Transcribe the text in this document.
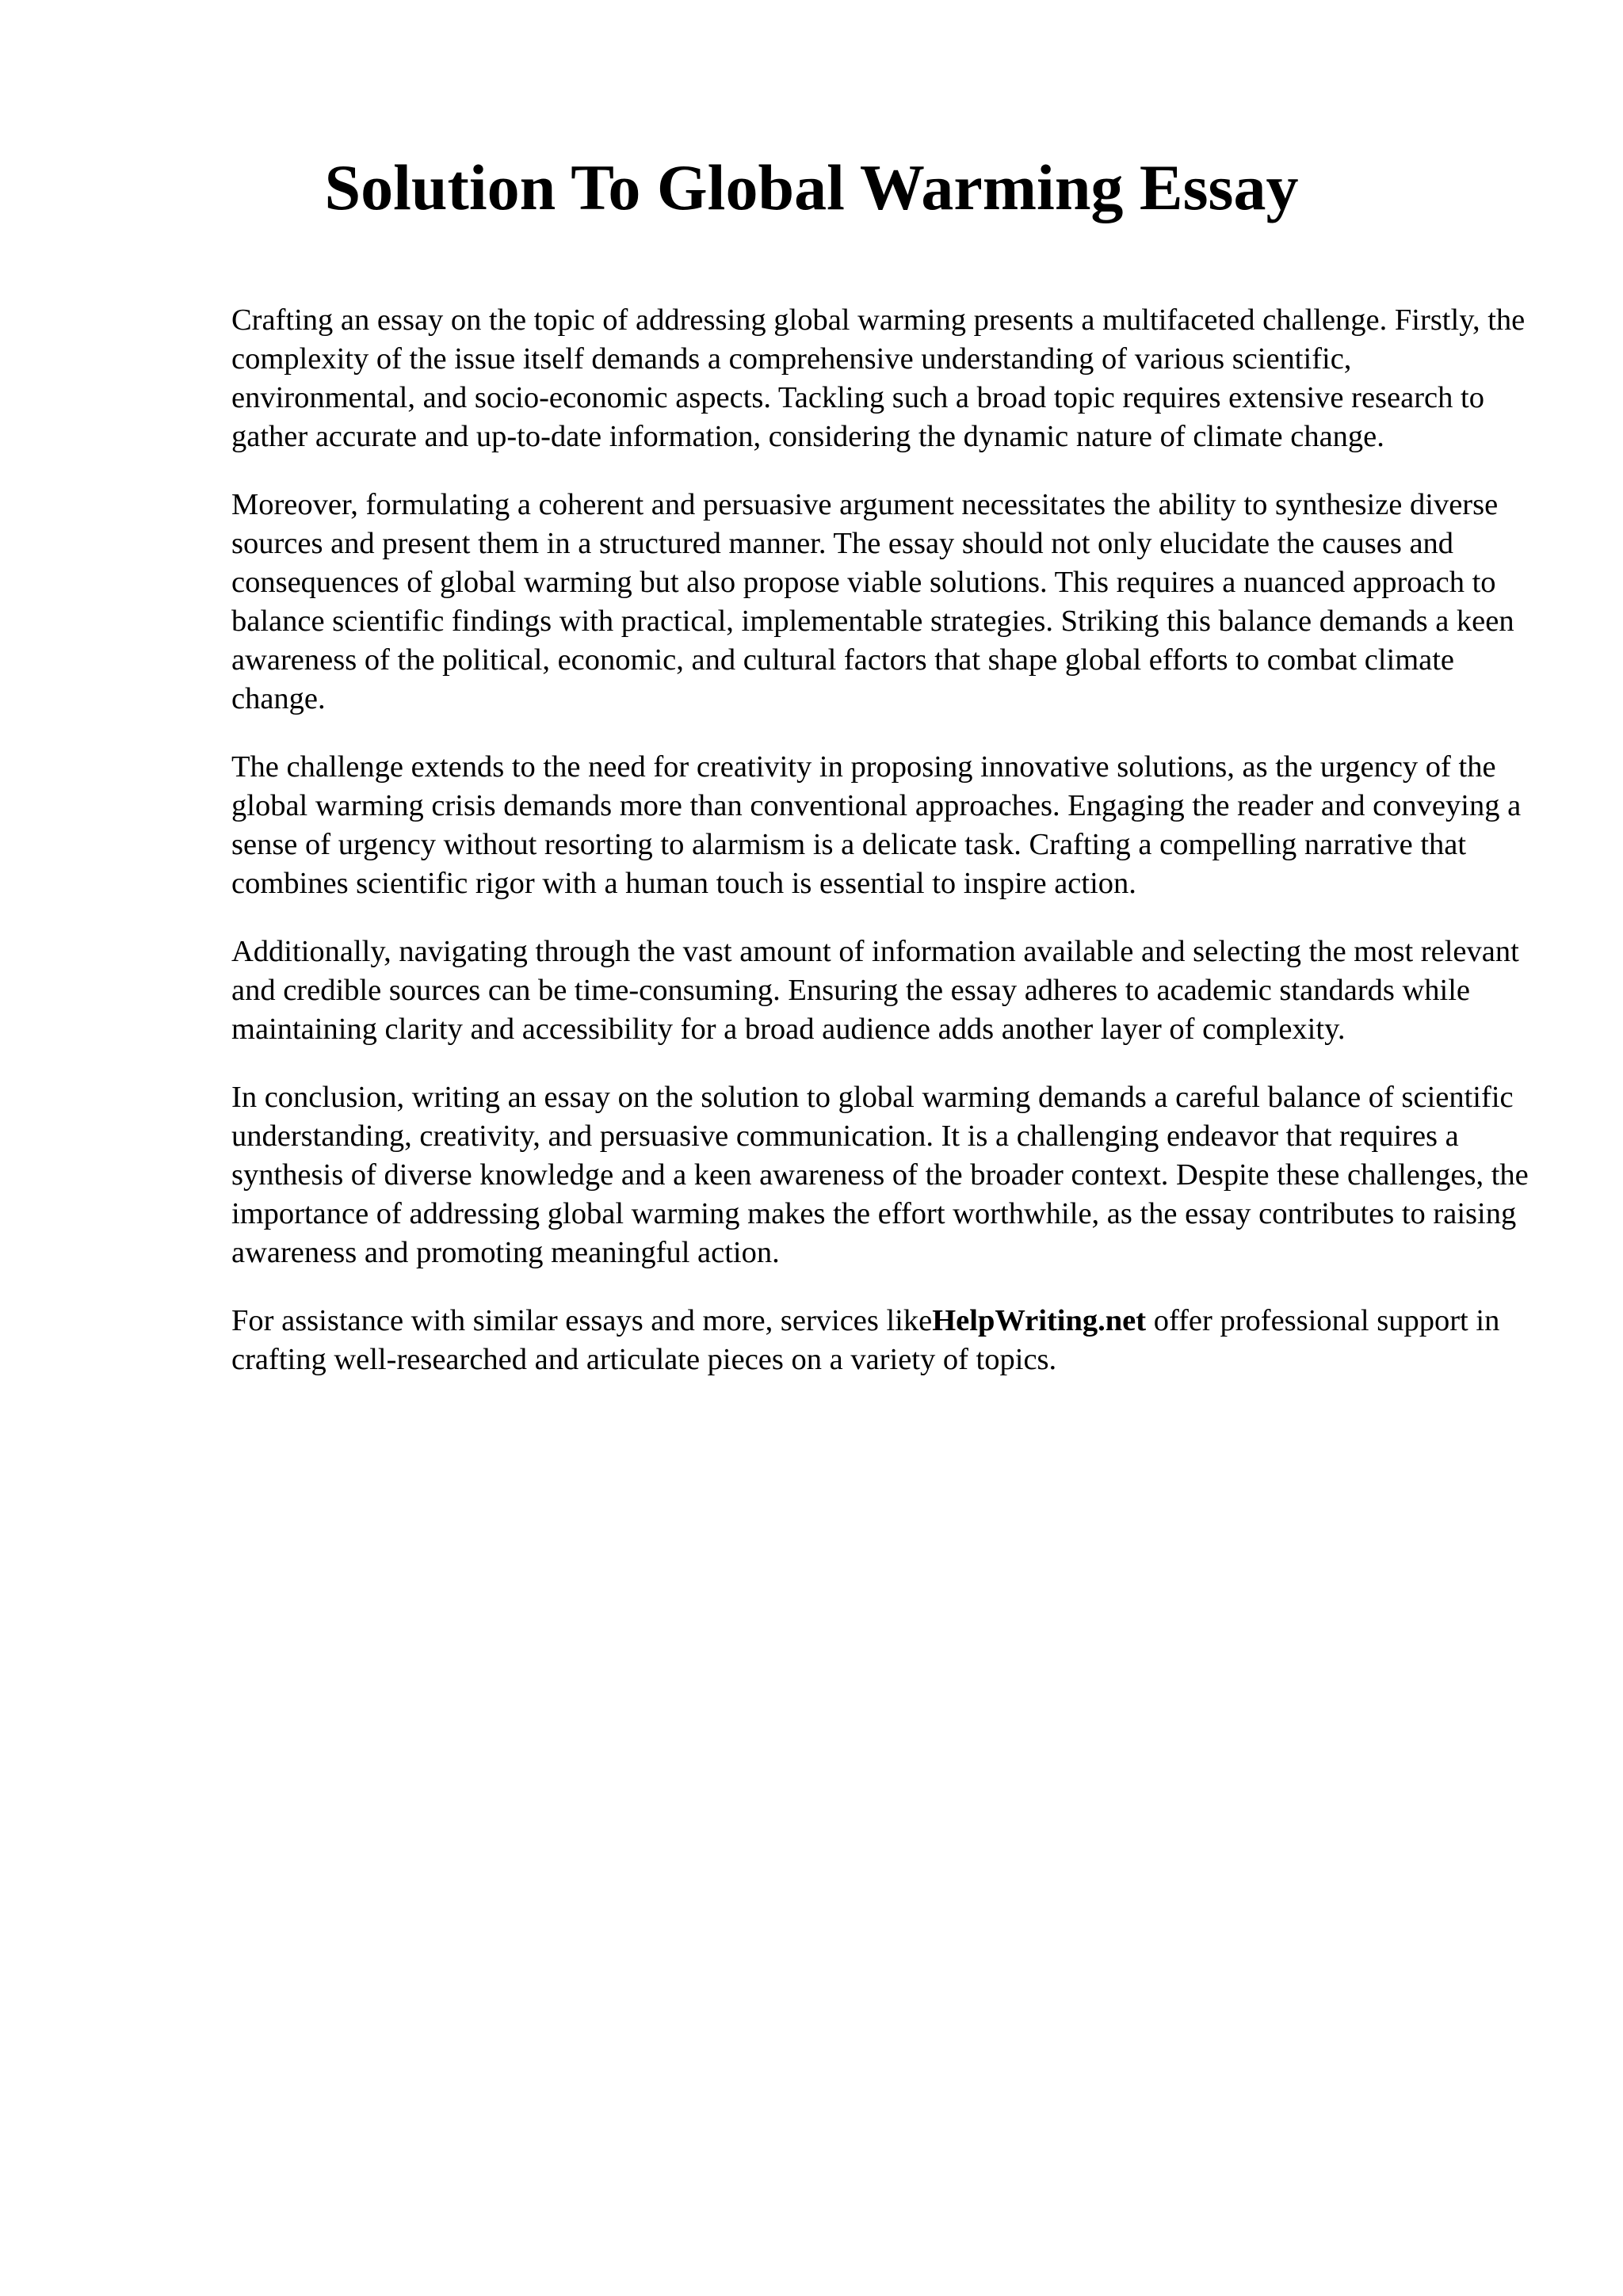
Solution To Global Warming Essay

Crafting an essay on the topic of addressing global warming presents a multifaceted challenge. Firstly, the complexity of the issue itself demands a comprehensive understanding of various scientific, environmental, and socio-economic aspects. Tackling such a broad topic requires extensive research to gather accurate and up-to-date information, considering the dynamic nature of climate change.

Moreover, formulating a coherent and persuasive argument necessitates the ability to synthesize diverse sources and present them in a structured manner. The essay should not only elucidate the causes and consequences of global warming but also propose viable solutions. This requires a nuanced approach to balance scientific findings with practical, implementable strategies. Striking this balance demands a keen awareness of the political, economic, and cultural factors that shape global efforts to combat climate change.

The challenge extends to the need for creativity in proposing innovative solutions, as the urgency of the global warming crisis demands more than conventional approaches. Engaging the reader and conveying a sense of urgency without resorting to alarmism is a delicate task. Crafting a compelling narrative that combines scientific rigor with a human touch is essential to inspire action.

Additionally, navigating through the vast amount of information available and selecting the most relevant and credible sources can be time-consuming. Ensuring the essay adheres to academic standards while maintaining clarity and accessibility for a broad audience adds another layer of complexity.

In conclusion, writing an essay on the solution to global warming demands a careful balance of scientific understanding, creativity, and persuasive communication. It is a challenging endeavor that requires a synthesis of diverse knowledge and a keen awareness of the broader context. Despite these challenges, the importance of addressing global warming makes the effort worthwhile, as the essay contributes to raising awareness and promoting meaningful action.

For assistance with similar essays and more, services likeHelpWriting.net offer professional support in crafting well-researched and articulate pieces on a variety of topics.
